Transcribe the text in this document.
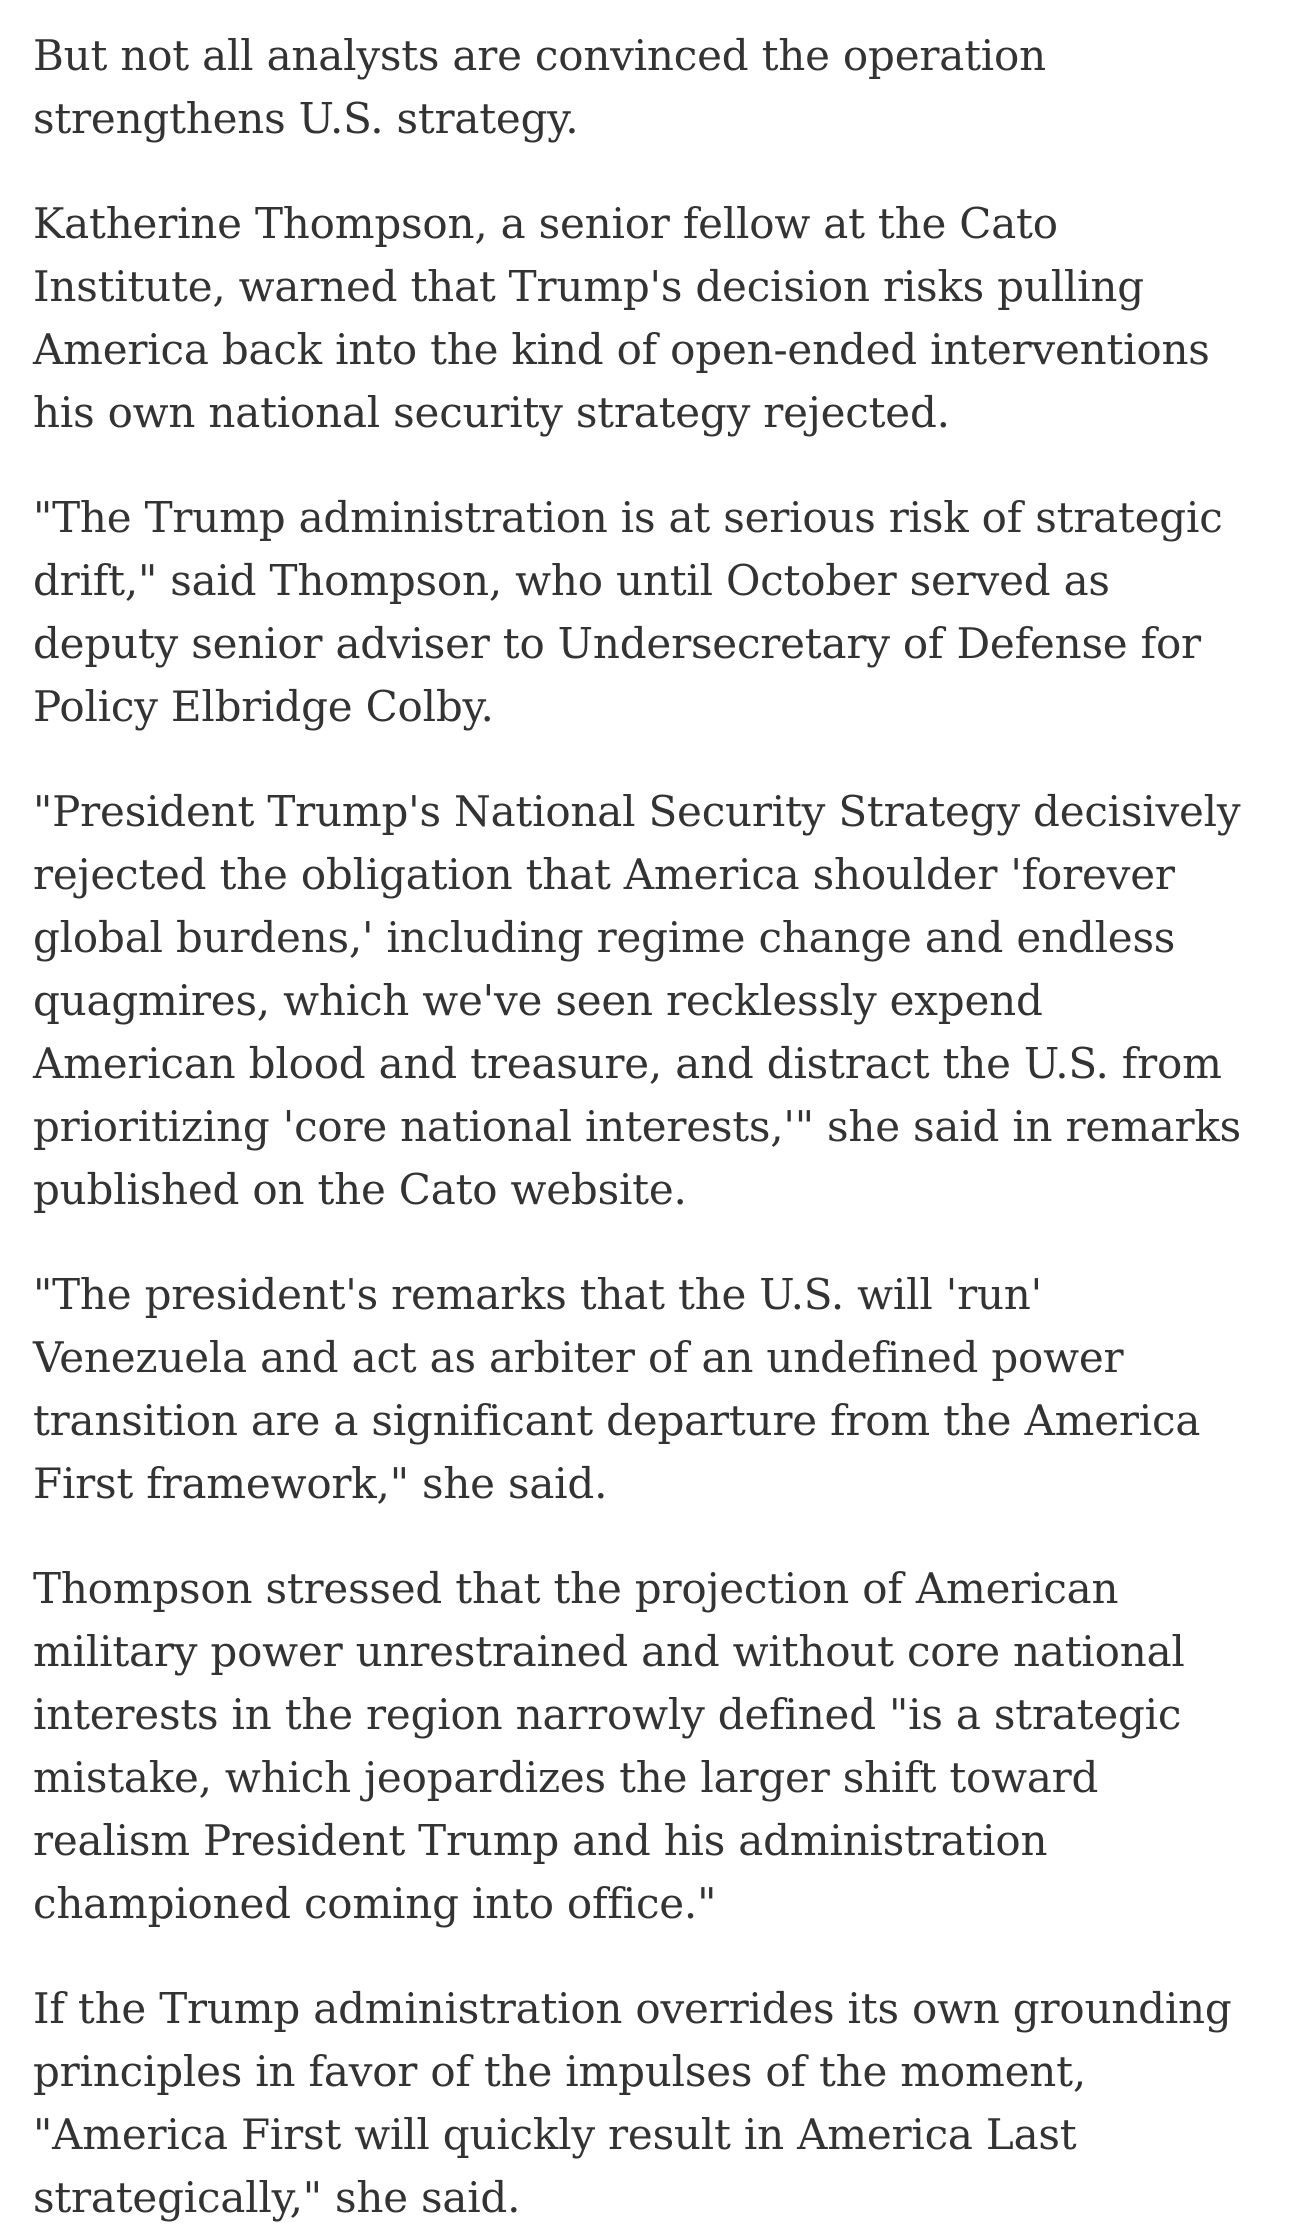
But not all analysts are convinced the operation strengthens U.S. strategy.

Katherine Thompson, a senior fellow at the Cato Institute, warned that Trump's decision risks pulling America back into the kind of open-ended interventions his own national security strategy rejected.

"The Trump administration is at serious risk of strategic drift," said Thompson, who until October served as deputy senior adviser to Undersecretary of Defense for Policy Elbridge Colby.

"President Trump's National Security Strategy decisively rejected the obligation that America shoulder 'forever global burdens,' including regime change and endless quagmires, which we've seen recklessly expend American blood and treasure, and distract the U.S. from prioritizing 'core national interests,'" she said in remarks published on the Cato website.

"The president's remarks that the U.S. will 'run' Venezuela and act as arbiter of an undefined power transition are a significant departure from the America First framework," she said.

Thompson stressed that the projection of American military power unrestrained and without core national interests in the region narrowly defined "is a strategic mistake, which jeopardizes the larger shift toward realism President Trump and his administration championed coming into office."

If the Trump administration overrides its own grounding principles in favor of the impulses of the moment, "America First will quickly result in America Last strategically," she said.
